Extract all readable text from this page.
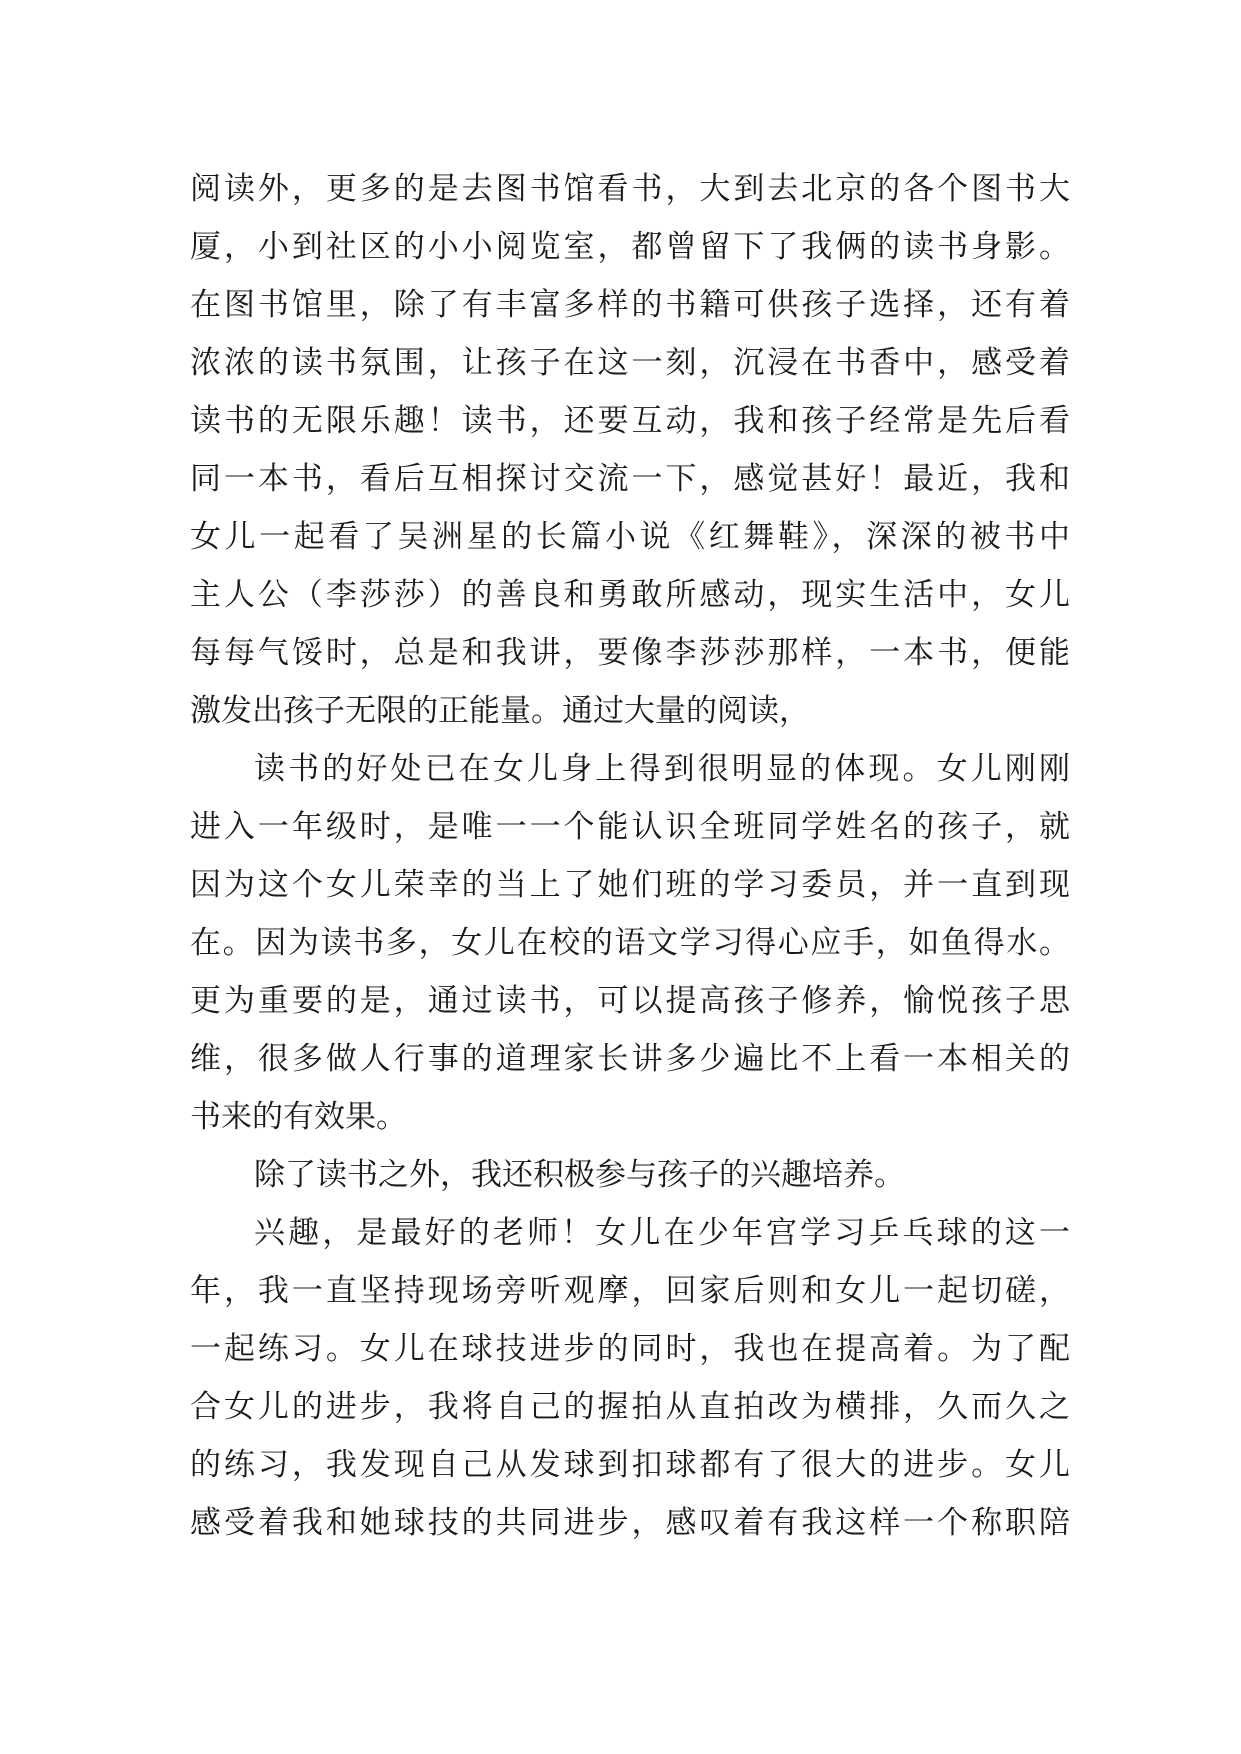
阅读外，更多的是去图书馆看书，大到去北京的各个图书大
厦，小到社区的小小阅览室，都曾留下了我俩的读书身影。
在图书馆里，除了有丰富多样的书籍可供孩子选择，还有着
浓浓的读书氛围，让孩子在这一刻，沉浸在书香中，感受着
读书的无限乐趣！读书，还要互动，我和孩子经常是先后看
同一本书，看后互相探讨交流一下，感觉甚好！最近，我和
女儿一起看了吴洲星的长篇小说《红舞鞋》，深深的被书中
主人公（李莎莎）的善良和勇敢所感动，现实生活中，女儿
每每气馁时，总是和我讲，要像李莎莎那样，一本书，便能
激发出孩子无限的正能量。通过大量的阅读，
读书的好处已在女儿身上得到很明显的体现。女儿刚刚
进入一年级时，是唯一一个能认识全班同学姓名的孩子，就
因为这个女儿荣幸的当上了她们班的学习委员，并一直到现
在。因为读书多，女儿在校的语文学习得心应手，如鱼得水。
更为重要的是，通过读书，可以提高孩子修养，愉悦孩子思
维，很多做人行事的道理家长讲多少遍比不上看一本相关的
书来的有效果。
除了读书之外，我还积极参与孩子的兴趣培养。
兴趣，是最好的老师！女儿在少年宫学习乒乓球的这一
年，我一直坚持现场旁听观摩，回家后则和女儿一起切磋，
一起练习。女儿在球技进步的同时，我也在提高着。为了配
合女儿的进步，我将自己的握拍从直拍改为横排，久而久之
的练习，我发现自己从发球到扣球都有了很大的进步。女儿
感受着我和她球技的共同进步，感叹着有我这样一个称职陪
